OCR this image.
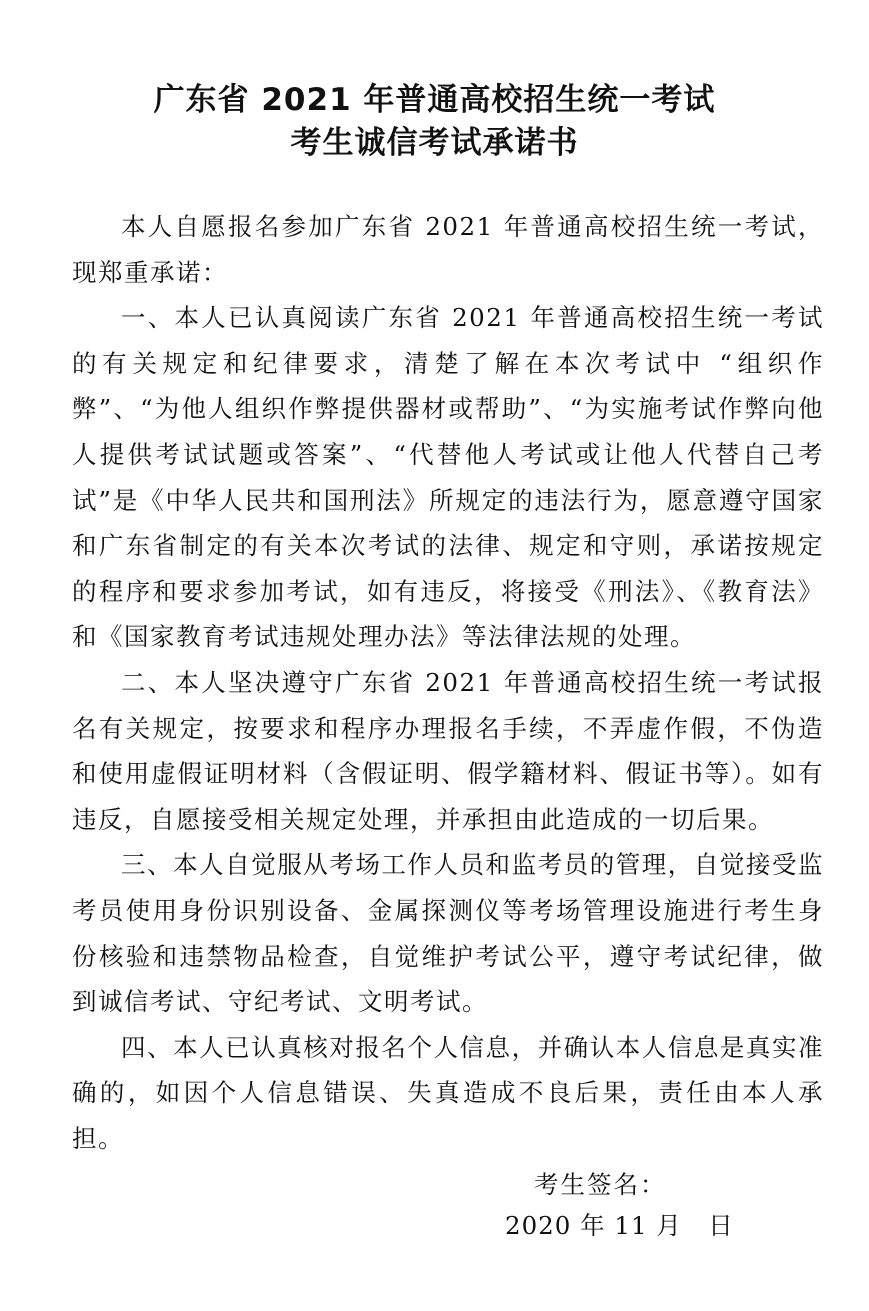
广东省 2021 年普通高校招生统一考试
考生诚信考试承诺书

本人自愿报名参加广东省 2021 年普通高校招生统一考试，现郑重承诺：

一、本人已认真阅读广东省 2021 年普通高校招生统一考试的有关规定和纪律要求，清楚了解在本次考试中 “组织作弊”、“为他人组织作弊提供器材或帮助”、“为实施考试作弊向他人提供考试试题或答案”、“代替他人考试或让他人代替自己考试”是《中华人民共和国刑法》所规定的违法行为，愿意遵守国家和广东省制定的有关本次考试的法律、规定和守则，承诺按规定的程序和要求参加考试，如有违反，将接受《刑法》、《教育法》和《国家教育考试违规处理办法》等法律法规的处理。

二、本人坚决遵守广东省 2021 年普通高校招生统一考试报名有关规定，按要求和程序办理报名手续，不弄虚作假，不伪造和使用虚假证明材料（含假证明、假学籍材料、假证书等）。如有违反，自愿接受相关规定处理，并承担由此造成的一切后果。

三、本人自觉服从考场工作人员和监考员的管理，自觉接受监考员使用身份识别设备、金属探测仪等考场管理设施进行考生身份核验和违禁物品检查，自觉维护考试公平，遵守考试纪律，做到诚信考试、守纪考试、文明考试。

四、本人已认真核对报名个人信息，并确认本人信息是真实准确的，如因个人信息错误、失真造成不良后果，责任由本人承担。

考生签名：
2020 年 11 月   日
